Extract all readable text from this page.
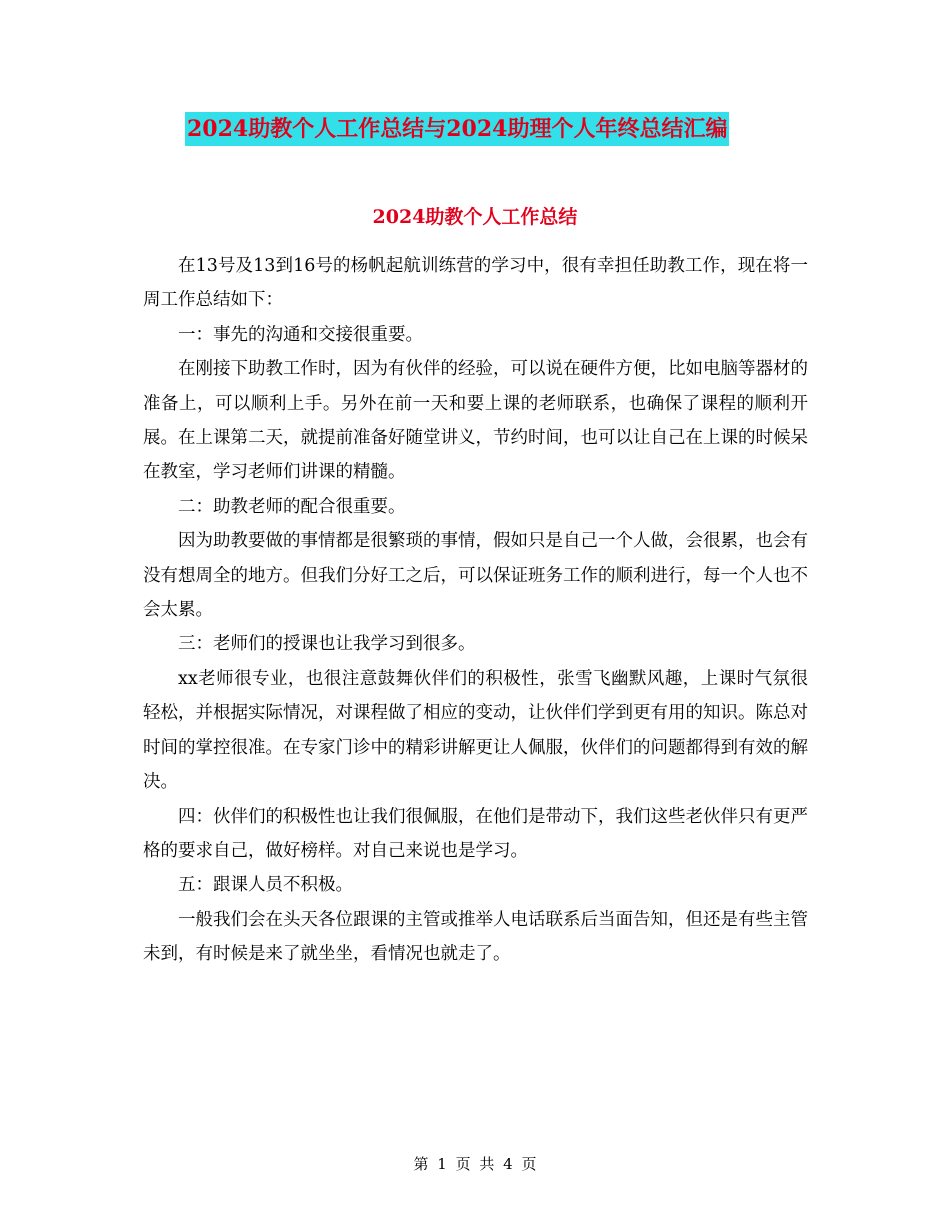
2024助教个人工作总结与2024助理个人年终总结汇编
2024助教个人工作总结

在13号及13到16号的杨帆起航训练营的学习中，很有幸担任助教工作，现在将一周工作总结如下：

一：事先的沟通和交接很重要。

在刚接下助教工作时，因为有伙伴的经验，可以说在硬件方便，比如电脑等器材的准备上，可以顺利上手。另外在前一天和要上课的老师联系，也确保了课程的顺利开展。在上课第二天，就提前准备好随堂讲义，节约时间，也可以让自己在上课的时候呆在教室，学习老师们讲课的精髓。

二：助教老师的配合很重要。

因为助教要做的事情都是很繁琐的事情，假如只是自己一个人做，会很累，也会有没有想周全的地方。但我们分好工之后，可以保证班务工作的顺利进行，每一个人也不会太累。

三：老师们的授课也让我学习到很多。

xx老师很专业，也很注意鼓舞伙伴们的积极性，张雪飞幽默风趣，上课时气氛很轻松，并根据实际情况，对课程做了相应的变动，让伙伴们学到更有用的知识。陈总对时间的掌控很准。在专家门诊中的精彩讲解更让人佩服，伙伴们的问题都得到有效的解决。

四：伙伴们的积极性也让我们很佩服，在他们是带动下，我们这些老伙伴只有更严格的要求自己，做好榜样。对自己来说也是学习。

五：跟课人员不积极。

一般我们会在头天各位跟课的主管或推举人电话联系后当面告知，但还是有些主管未到，有时候是来了就坐坐，看情况也就走了。

第 1 页 共 4 页
